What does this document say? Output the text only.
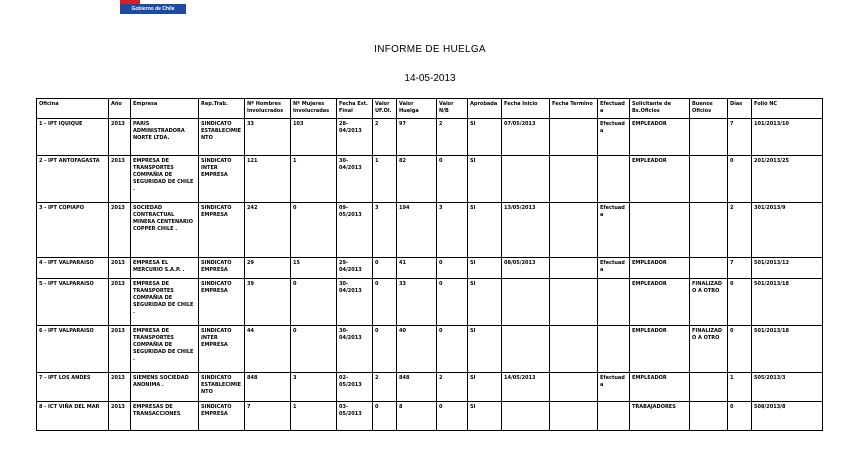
Gobierno de Chile
INFORME DE HUELGA
14-05-2013
Oficina	Año	Empresa	Rep.Trab.	Nº Hombres Involucrados	Nº Mujeres Involucradas	Fecha Est. Final	Valor UF.Ol.	Valor Huelga	Valor N/B	Aprobada	Fecha Inicio	Fecha Termino	Efectuada	Solicitante de Bs.Oficios	Buenos Oficios	Días	Folio NC
1 - IPT IQUIQUE	2013	PARIS ADMINISTRADORA NORTE LTDA.	SINDICATO ESTABLECIMIENTO	33	103	28-04/2013	2	97	2	SI	07/05/2013		Efectuada	EMPLEADOR		7	101/2013/10
2 - IPT ANTOFAGASTA	2013	EMPRESA DE TRANSPORTES COMPAÑIA DE SEGURIDAD DE CHILE .	SINDICATO INTER EMPRESA	121	1	30-04/2013	1	82	0	SI				EMPLEADOR		0	201/2013/25
3 - IPT COPIAPO	2013	SOCIEDAD CONTRACTUAL MINERA CENTENARIO COPPER CHILE .	SINDICATO EMPRESA	242	0	09-05/2013	3	194	3	SI	13/05/2013		Efectuada			2	301/2013/9
4 - IPT VALPARAISO	2013	EMPRESA EL MERCURIO S.A.P. .	SINDICATO EMPRESA	29	15	29-04/2013	0	41	0	SI	08/05/2013		Efectuada	EMPLEADOR		7	501/2013/12
5 - IPT VALPARAISO	2013	EMPRESA DE TRANSPORTES COMPAÑIA DE SEGURIDAD DE CHILE .	SINDICATO EMPRESA	39	0	30-04/2013	0	33	0	SI				EMPLEADOR	FINALIZADO A OTRO	0	501/2013/18
6 - IPT VALPARAISO	2013	EMPRESA DE TRANSPORTES COMPAÑIA DE SEGURIDAD DE CHILE .	SINDICATO INTER EMPRESA	44	0	30-04/2013	0	40	0	SI				EMPLEADOR	FINALIZADO A OTRO	0	501/2013/18
7 - IPT LOS ANDES	2013	SIEMENS SOCIEDAD ANONIMA .	SINDICATO ESTABLECIMIENTO	848	3	02-05/2013	2	848	2	SI	14/05/2013		Efectuada	EMPLEADOR		1	505/2013/3
8 - ICT VIÑA DEL MAR	2013	EMPRESAS DE TRANSACCIONES	SINDICATO EMPRESA	7	1	03-05/2013	0	8	0	SI				TRABAJADORES		0	508/2013/8
